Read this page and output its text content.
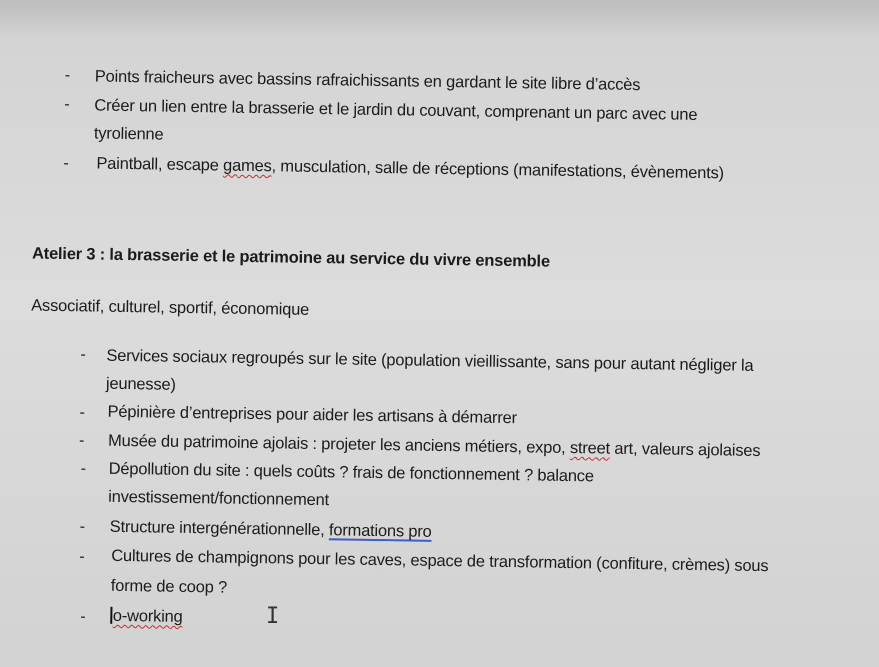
- Points fraicheurs avec bassins rafraichissants en gardant le site libre d’accès
- Créer un lien entre la brasserie et le jardin du couvant, comprenant un parc avec une
tyrolienne
- Paintball, escape games, musculation, salle de réceptions (manifestations, évènements)
Atelier 3 : la brasserie et le patrimoine au service du vivre ensemble
Associatif, culturel, sportif, économique
- Services sociaux regroupés sur le site (population vieillissante, sans pour autant négliger la
jeunesse)
- Pépinière d’entreprises pour aider les artisans à démarrer
- Musée du patrimoine ajolais : projeter les anciens métiers, expo, street art, valeurs ajolaises
- Dépollution du site : quels coûts ? frais de fonctionnement ? balance
investissement/fonctionnement
- Structure intergénérationnelle, formations pro
- Cultures de champignons pour les caves, espace de transformation (confiture, crèmes) sous
forme de coop ?
- o-working	I
